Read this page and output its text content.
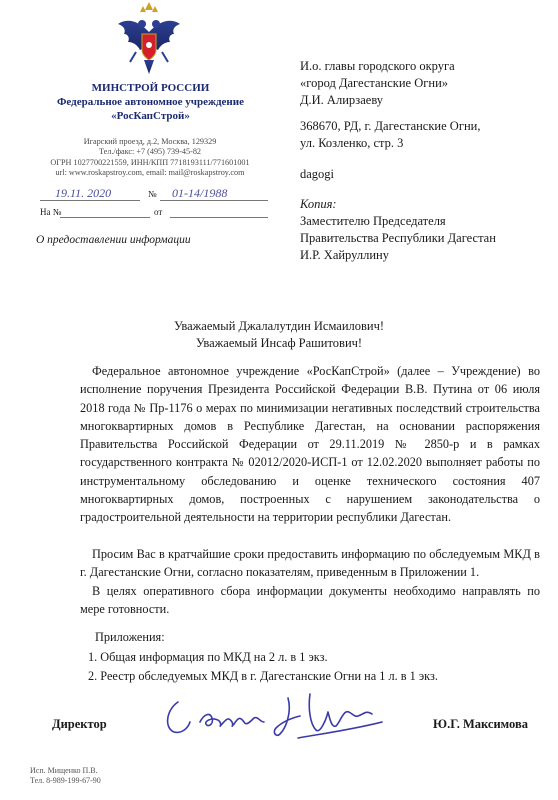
МИНСТРОЙ РОССИИ
Федеральное автономное учреждение
«РосКапСтрой»
Игарский проезд, д.2, Москва, 129329
Тел./факс: +7 (495) 739-45-82
ОГРН 1027700221559, ИНН/КПП 7718193111/771601001
url: www.roskapstroy.com, email: mail@roskapstroy.com
19.11. 2020	№ 01-14/1988
На №	от
О предоставлении информации
И.о. главы городского округа
«город Дагестанские Огни»
Д.И. Алирзаеву
368670, РД, г. Дагестанские Огни,
ул. Козленко, стр. 3
dagogi
Копия:
Заместителю Председателя
Правительства Республики Дагестан
И.Р. Хайруллину
Уважаемый Джалалутдин Исмаилович!
Уважаемый Инсаф Рашитович!
Федеральное автономное учреждение «РосКапСтрой» (далее – Учреждение) во исполнение поручения Президента Российской Федерации В.В. Путина от 06 июля 2018 года № Пр-1176 о мерах по минимизации негативных последствий строительства многоквартирных домов в Республике Дагестан, на основании распоряжения Правительства Российской Федерации от 29.11.2019 № 2850-р и в рамках государственного контракта № 02012/2020-ИСП-1 от 12.02.2020 выполняет работы по инструментальному обследованию и оценке технического состояния 407 многоквартирных домов, построенных с нарушением законодательства о градостроительной деятельности на территории республики Дагестан.
Просим Вас в кратчайшие сроки предоставить информацию по обследуемым МКД в г. Дагестанские Огни, согласно показателям, приведенным в Приложении 1.
В целях оперативного сбора информации документы необходимо направлять по мере готовности.
Приложения:
1. Общая информация по МКД на 2 л. в 1 экз.
2. Реестр обследуемых МКД в г. Дагестанские Огни на 1 л. в 1 экз.
Директор	Ю.Г. Максимова
Исп. Мищенко П.В.
Тел. 8-989-199-67-90
